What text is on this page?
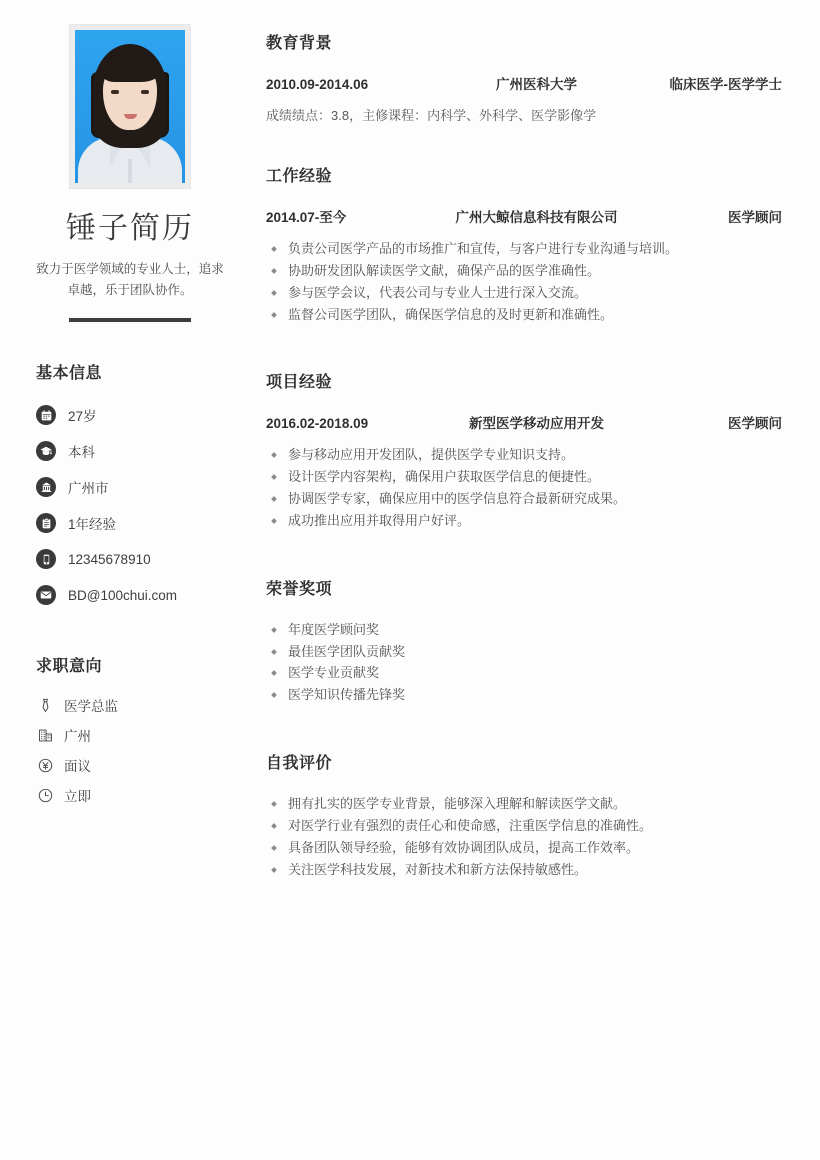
锤子简历
致力于医学领域的专业人士，追求卓越，乐于团队协作。
基本信息
27岁
本科
广州市
1年经验
12345678910
BD@100chui.com
求职意向
医学总监
广州
面议
立即
教育背景
2010.09-2014.06	广州医科大学	临床医学-医学学士
成绩绩点：3.8，主修课程：内科学、外科学、医学影像学
工作经验
2014.07-至今	广州大鲸信息科技有限公司	医学顾问
负责公司医学产品的市场推广和宣传，与客户进行专业沟通与培训。
协助研发团队解读医学文献，确保产品的医学准确性。
参与医学会议，代表公司与专业人士进行深入交流。
监督公司医学团队，确保医学信息的及时更新和准确性。
项目经验
2016.02-2018.09	新型医学移动应用开发	医学顾问
参与移动应用开发团队，提供医学专业知识支持。
设计医学内容架构，确保用户获取医学信息的便捷性。
协调医学专家，确保应用中的医学信息符合最新研究成果。
成功推出应用并取得用户好评。
荣誉奖项
年度医学顾问奖
最佳医学团队贡献奖
医学专业贡献奖
医学知识传播先锋奖
自我评价
拥有扎实的医学专业背景，能够深入理解和解读医学文献。
对医学行业有强烈的责任心和使命感，注重医学信息的准确性。
具备团队领导经验，能够有效协调团队成员，提高工作效率。
关注医学科技发展，对新技术和新方法保持敏感性。
